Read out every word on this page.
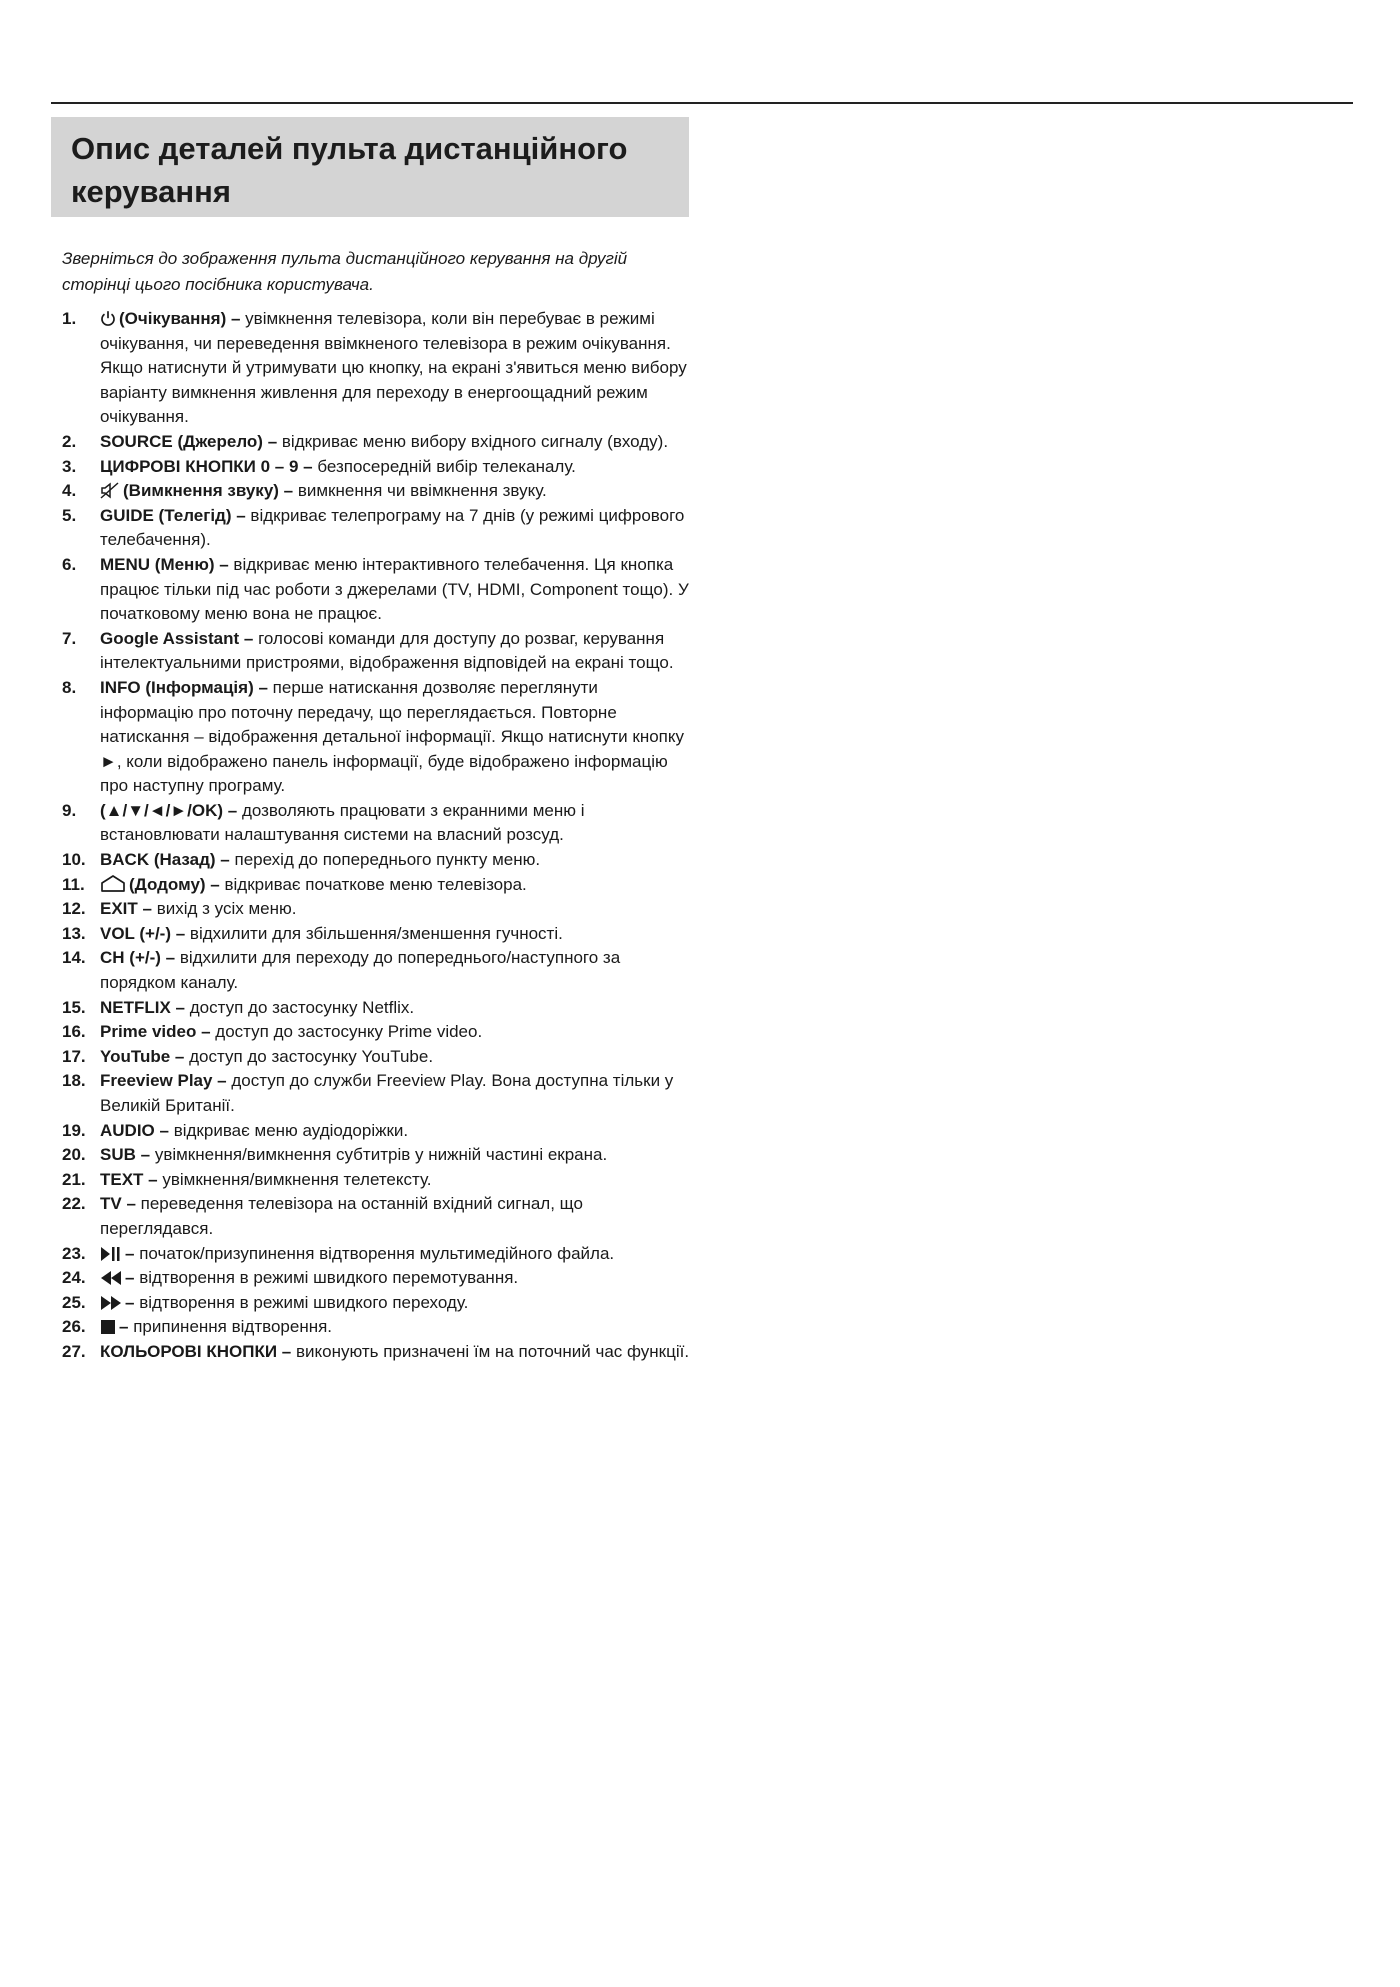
Опис деталей пульта дистанційного керування

Зверніться до зображення пульта дистанційного керування на другій сторінці цього посібника користувача.

1.	(Очікування) – увімкнення телевізора, коли він перебуває в режимі очікування, чи переведення ввімкненого телевізора в режим очікування. Якщо натиснути й утримувати цю кнопку, на екрані з'явиться меню вибору варіанту вимкнення живлення для переходу в енергоощадний режим очікування.
2. SOURCE (Джерело) – відкриває меню вибору вхідного сигналу (входу).
3. ЦИФРОВІ КНОПКИ 0 – 9 – безпосередній вибір телеканалу.
4.	(Вимкнення звуку) – вимкнення чи ввімкнення звуку.
5. GUIDE (Телегід) – відкриває телепрограму на 7 днів (у режимі цифрового телебачення).
6. MENU (Меню) – відкриває меню інтерактивного телебачення. Ця кнопка працює тільки під час роботи з джерелами (TV, HDMI, Component тощо). У початковому меню вона не працює.
7. Google Assistant – голосові команди для доступу до розваг, керування інтелектуальними пристроями, відображення відповідей на екрані тощо.
8. INFO (Інформація) – перше натискання дозволяє переглянути інформацію про поточну передачу, що переглядається. Повторне натискання – відображення детальної інформації. Якщо натиснути кнопку ►, коли відображено панель інформації, буде відображено інформацію про наступну програму.
9. (▲/▼/◄/►/OK) – дозволяють працювати з екранними меню і встановлювати налаштування системи на власний розсуд.
10. BACK (Назад) – перехід до попереднього пункту меню.
11.	(Додому) – відкриває початкове меню телевізора.
12. EXIT – вихід з усіх меню.
13. VOL (+/-) – відхилити для збільшення/зменшення гучності.
14. CH (+/-) – відхилити для переходу до попереднього/наступного за порядком каналу.
15. NETFLIX – доступ до застосунку Netflix.
16. Prime video – доступ до застосунку Prime video.
17. YouTube – доступ до застосунку YouTube.
18. Freeview Play – доступ до служби Freeview Play. Вона доступна тільки у Великій Британії.
19. AUDIO – відкриває меню аудіодоріжки.
20. SUB – увімкнення/вимкнення субтитрів у нижній частині екрана.
21. TEXT – увімкнення/вимкнення телетексту.
22. TV – переведення телевізора на останній вхідний сигнал, що переглядався.
23. – початок/призупинення відтворення мультимедійного файла.
24. – відтворення в режимі швидкого перемотування.
25. – відтворення в режимі швидкого переходу.
26. – припинення відтворення.
27. КОЛЬОРОВІ КНОПКИ – виконують призначені їм на поточний час функції.
